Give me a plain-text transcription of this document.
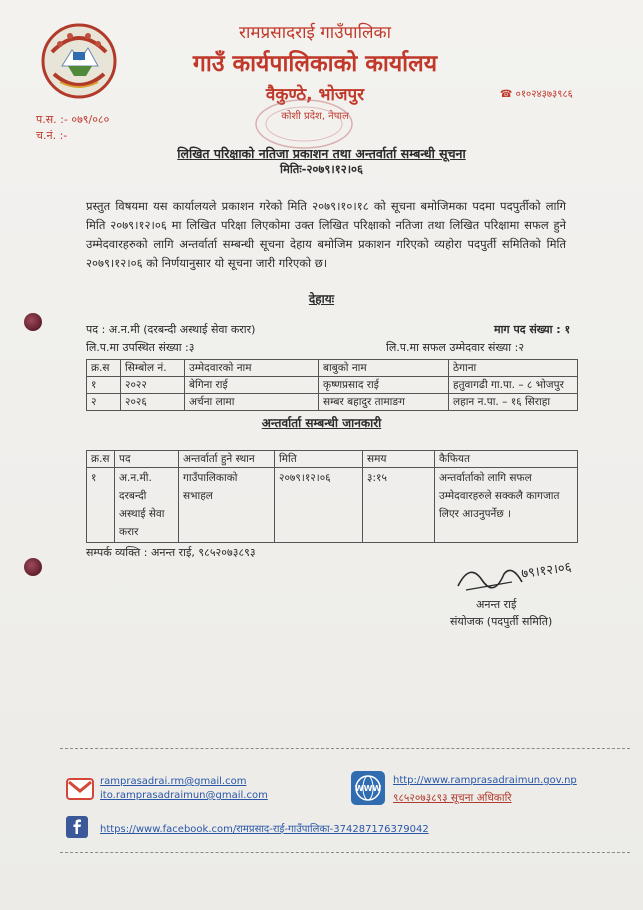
रामप्रसादराई गाउँपालिका
गाउँ कार्यपालिकाको कार्यालय
वैकुण्ठे, भोजपुर
कोशी प्रदेश, नेपाल
☎ ०१०२४३७३९८६
प.स. :- ०७९/०८०
च.नं. :-
लिखित परिक्षाको नतिजा प्रकाशन तथा अन्तर्वार्ता सम्बन्धी सूचना
मितिः-२०७९।१२।०६
प्रस्तुत विषयमा यस कार्यालयले प्रकाशन गरेको मिति २०७९।१०।१८ को सूचना बमोजिमका पदमा पदपुर्तीको लागि मिति २०७९।१२।०६ मा लिखित परिक्षा लिएकोमा उक्त लिखित परिक्षाको नतिजा तथा लिखित परिक्षामा सफल हुने उम्मेदवारहरुको लागि अन्तर्वार्ता सम्बन्धी सूचना देहाय बमोजिम प्रकाशन गरिएको व्यहोरा पदपुर्ती समितिको मिति २०७९।१२।०६ को निर्णयानुसार यो सूचना जारी गरिएको छ।
देहायः
पद : अ.न.मी (दरबन्दी अस्थाई सेवा करार)	माग पद संख्या : १
लि.प.मा उपस्थित संख्या :३	लि.प.मा सफल उम्मेदवार संख्या :२
क्र.स	सिम्बोल नं.	उम्मेदवारको नाम	बाबुको नाम	ठेगाना
१	२०२२	बेगिना राई	कृष्णप्रसाद राई	हतुवागढी गा.पा. – ८ भोजपुर
२	२०२६	अर्चना लामा	सम्बर बहादुर तामाङग	लहान न.पा. – १६ सिराहा
अन्तर्वार्ता सम्बन्धी जानकारी
क्र.स	पद	अन्तर्वार्ता हुने स्थान	मिति	समय	कैफियत
१	अ.न.मी. दरबन्दी अस्थाई सेवा करार	गाउँपालिकाको सभाहल	२०७९।१२।०६	३:१५	अन्तर्वार्ताको लागि सफल उम्मेदवारहरुले सक्कलै कागजात लिएर आउनुपर्नेछ ।
सम्पर्क व्यक्ति : अनन्त राई, ९८५२०७३८९३
७९।१२।०६
अनन्त राई
संयोजक (पदपुर्ती समिति)
ramprasadrai.rm@gmail.com
ito.ramprasadraimun@gmail.com
WWW
http://www.ramprasadraimun.gov.np
९८५२०७३८९३ सूचना अधिकारि
https://www.facebook.com/रामप्रसाद-राई-गाउँपालिका-374287176379042
